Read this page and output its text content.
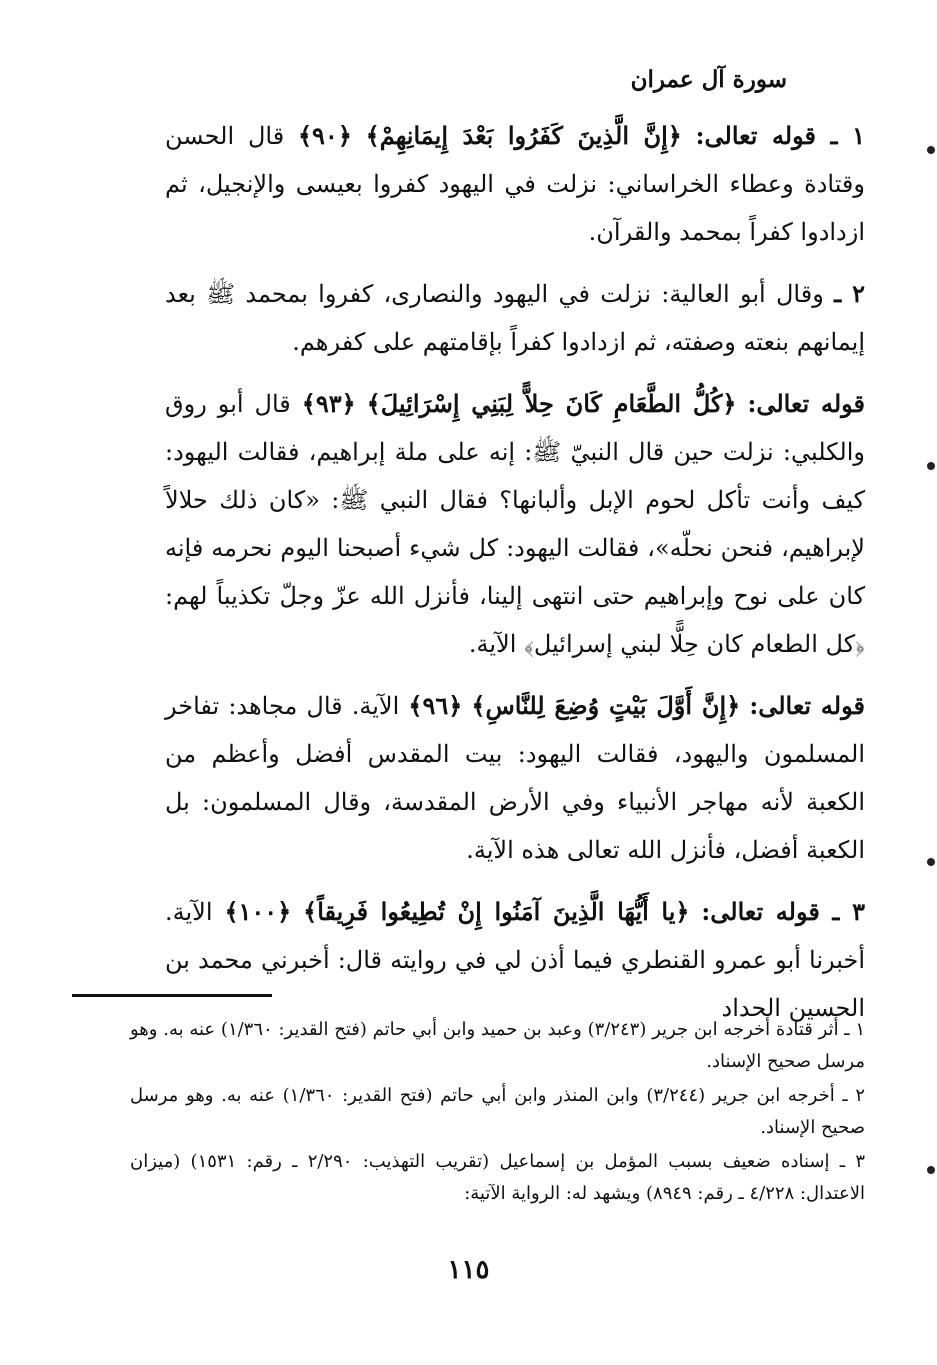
سورة آل عمران

١ ـ قوله تعالى: ﴿إِنَّ الَّذِينَ كَفَرُوا بَعْدَ إِيمَانِهِمْ﴾ ﴿٩٠﴾ قال الحسن وقتادة وعطاء الخراساني: نزلت في اليهود كفروا بعيسى والإنجيل، ثم ازدادوا كفراً بمحمد والقرآن.

٢ ـ وقال أبو العالية: نزلت في اليهود والنصارى، كفروا بمحمد ﷺ بعد إيمانهم بنعته وصفته، ثم ازدادوا كفراً بإقامتهم على كفرهم.

قوله تعالى: ﴿كُلُّ الطَّعَامِ كَانَ حِلاًّ لِبَنِي إِسْرَائِيلَ﴾ ﴿٩٣﴾ قال أبو روق والكلبي: نزلت حين قال النبيّ ﷺ: إنه على ملة إبراهيم، فقالت اليهود: كيف وأنت تأكل لحوم الإبل وألبانها؟ فقال النبي ﷺ: «كان ذلك حلالاً لإبراهيم، فنحن نحلّه»، فقالت اليهود: كل شيء أصبحنا اليوم نحرمه فإنه كان على نوح وإبراهيم حتى انتهى إلينا، فأنزل الله عزّ وجلّ تكذيباً لهم: ﴿كل الطعام كان حِلًّا لبني إسرائيل﴾ الآية.

قوله تعالى: ﴿إِنَّ أَوَّلَ بَيْتٍ وُضِعَ لِلنَّاسِ﴾ ﴿٩٦﴾ الآية. قال مجاهد: تفاخر المسلمون واليهود، فقالت اليهود: بيت المقدس أفضل وأعظم من الكعبة لأنه مهاجر الأنبياء وفي الأرض المقدسة، وقال المسلمون: بل الكعبة أفضل، فأنزل الله تعالى هذه الآية.

٣ ـ قوله تعالى: ﴿يا أَيُّهَا الَّذِينَ آمَنُوا إِنْ تُطِيعُوا فَرِيقاً﴾ ﴿١٠٠﴾ الآية. أخبرنا أبو عمرو القنطري فيما أذن لي في روايته قال: أخبرني محمد بن الحسين الحداد

١ ـ أثر قتادة أخرجه ابن جرير (٣/٢٤٣) وعبد بن حميد وابن أبي حاتم (فتح القدير: ١/٣٦٠) عنه به. وهو مرسل صحيح الإسناد.

٢ ـ أخرجه ابن جرير (٣/٢٤٤) وابن المنذر وابن أبي حاتم (فتح القدير: ١/٣٦٠) عنه به. وهو مرسل صحيح الإسناد.

٣ ـ إسناده ضعيف بسبب المؤمل بن إسماعيل (تقريب التهذيب: ٢/٢٩٠ ـ رقم: ١٥٣١) (ميزان الاعتدال: ٤/٢٢٨ ـ رقم: ٨٩٤٩) ويشهد له: الرواية الآتية:

١١٥
